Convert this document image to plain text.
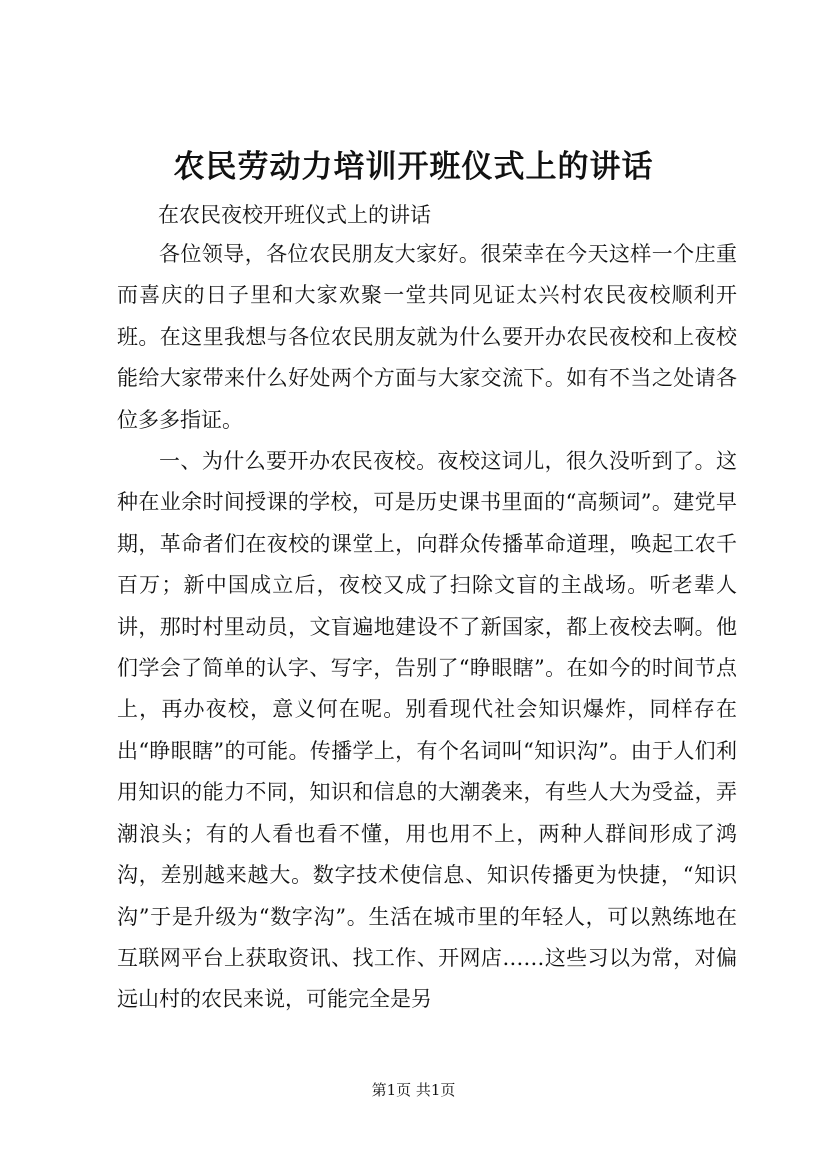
农民劳动力培训开班仪式上的讲话
在农民夜校开班仪式上的讲话

各位领导，各位农民朋友大家好。很荣幸在今天这样一个庄重而喜庆的日子里和大家欢聚一堂共同见证太兴村农民夜校顺利开班。在这里我想与各位农民朋友就为什么要开办农民夜校和上夜校能给大家带来什么好处两个方面与大家交流下。如有不当之处请各位多多指证。

一、为什么要开办农民夜校。夜校这词儿，很久没听到了。这种在业余时间授课的学校，可是历史课书里面的“高频词”。建党早期，革命者们在夜校的课堂上，向群众传播革命道理，唤起工农千百万；新中国成立后，夜校又成了扫除文盲的主战场。听老辈人讲，那时村里动员，文盲遍地建设不了新国家，都上夜校去啊。他们学会了简单的认字、写字，告别了“睁眼瞎”。在如今的时间节点上，再办夜校，意义何在呢。别看现代社会知识爆炸，同样存在出“睁眼瞎”的可能。传播学上，有个名词叫“知识沟”。由于人们利用知识的能力不同，知识和信息的大潮袭来，有些人大为受益，弄潮浪头；有的人看也看不懂，用也用不上，两种人群间形成了鸿沟，差别越来越大。数字技术使信息、知识传播更为快捷，“知识沟”于是升级为“数字沟”。生活在城市里的年轻人，可以熟练地在互联网平台上获取资讯、找工作、开网店……这些习以为常，对偏远山村的农民来说，可能完全是另

第1页 共1页
